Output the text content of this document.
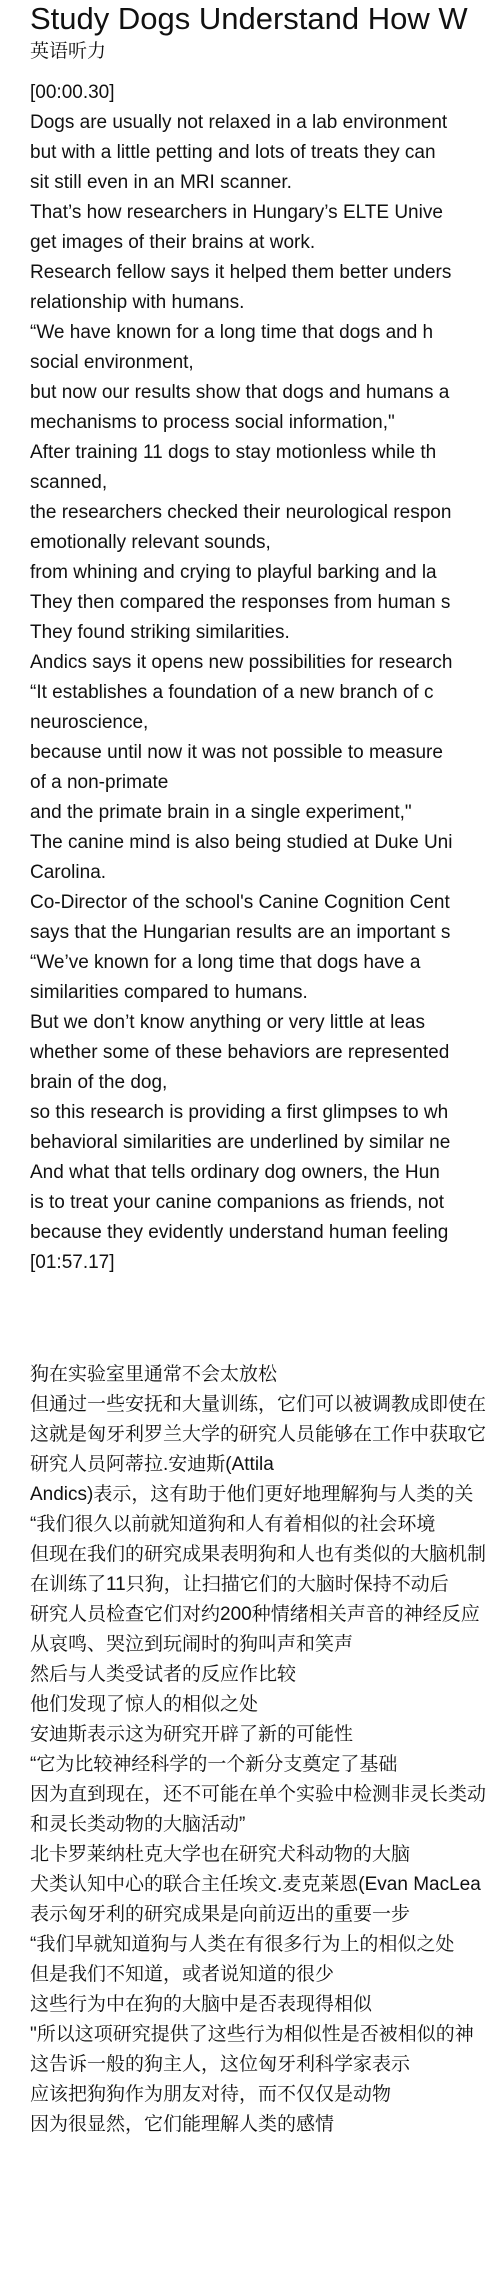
Study Dogs Understand How W
英语听力
[00:00.30]
Dogs are usually not relaxed in a lab environment
but with a little petting and lots of treats they can
sit still even in an MRI scanner.
That’s how researchers in Hungary’s ELTE Unive
get images of their brains at work.
Research fellow says it helped them better unders
relationship with humans.
“We have known for a long time that dogs and h
social environment,
but now our results show that dogs and humans a
mechanisms to process social information,"
After training 11 dogs to stay motionless while th
scanned,
the researchers checked their neurological respon
emotionally relevant sounds,
from whining and crying to playful barking and la
They then compared the responses from human s
They found striking similarities.
Andics says it opens new possibilities for research
“It establishes a foundation of a new branch of c
neuroscience,
because until now it was not possible to measure
of a non-primate
and the primate brain in a single experiment,"
The canine mind is also being studied at Duke Uni
Carolina.
Co-Director of the school's Canine Cognition Cent
says that the Hungarian results are an important s
“We’ve known for a long time that dogs have a
similarities compared to humans.
But we don’t know anything or very little at leas
whether some of these behaviors are represented
brain of the dog,
so this research is providing a first glimpses to wh
behavioral similarities are underlined by similar ne
And what that tells ordinary dog owners, the Hun
is to treat your canine companions as friends, not
because they evidently understand human feeling
[01:57.17]
狗在实验室里通常不会太放松
但通过一些安抚和大量训练，它们可以被调教成即使在
这就是匈牙利罗兰大学的研究人员能够在工作中获取它
研究人员阿蒂拉.安迪斯(Attila
Andics)表示，这有助于他们更好地理解狗与人类的关
“我们很久以前就知道狗和人有着相似的社会环境
但现在我们的研究成果表明狗和人也有类似的大脑机制
在训练了11只狗，让扫描它们的大脑时保持不动后
研究人员检查它们对约200种情绪相关声音的神经反应
从哀鸣、哭泣到玩闹时的狗叫声和笑声
然后与人类受试者的反应作比较
他们发现了惊人的相似之处
安迪斯表示这为研究开辟了新的可能性
“它为比较神经科学的一个新分支奠定了基础
因为直到现在，还不可能在单个实验中检测非灵长类动
和灵长类动物的大脑活动”
北卡罗莱纳杜克大学也在研究犬科动物的大脑
犬类认知中心的联合主任埃文.麦克莱恩(Evan MacLea
表示匈牙利的研究成果是向前迈出的重要一步
“我们早就知道狗与人类在有很多行为上的相似之处
但是我们不知道，或者说知道的很少
这些行为中在狗的大脑中是否表现得相似
"所以这项研究提供了这些行为相似性是否被相似的神
这告诉一般的狗主人，这位匈牙利科学家表示
应该把狗狗作为朋友对待，而不仅仅是动物
因为很显然，它们能理解人类的感情
